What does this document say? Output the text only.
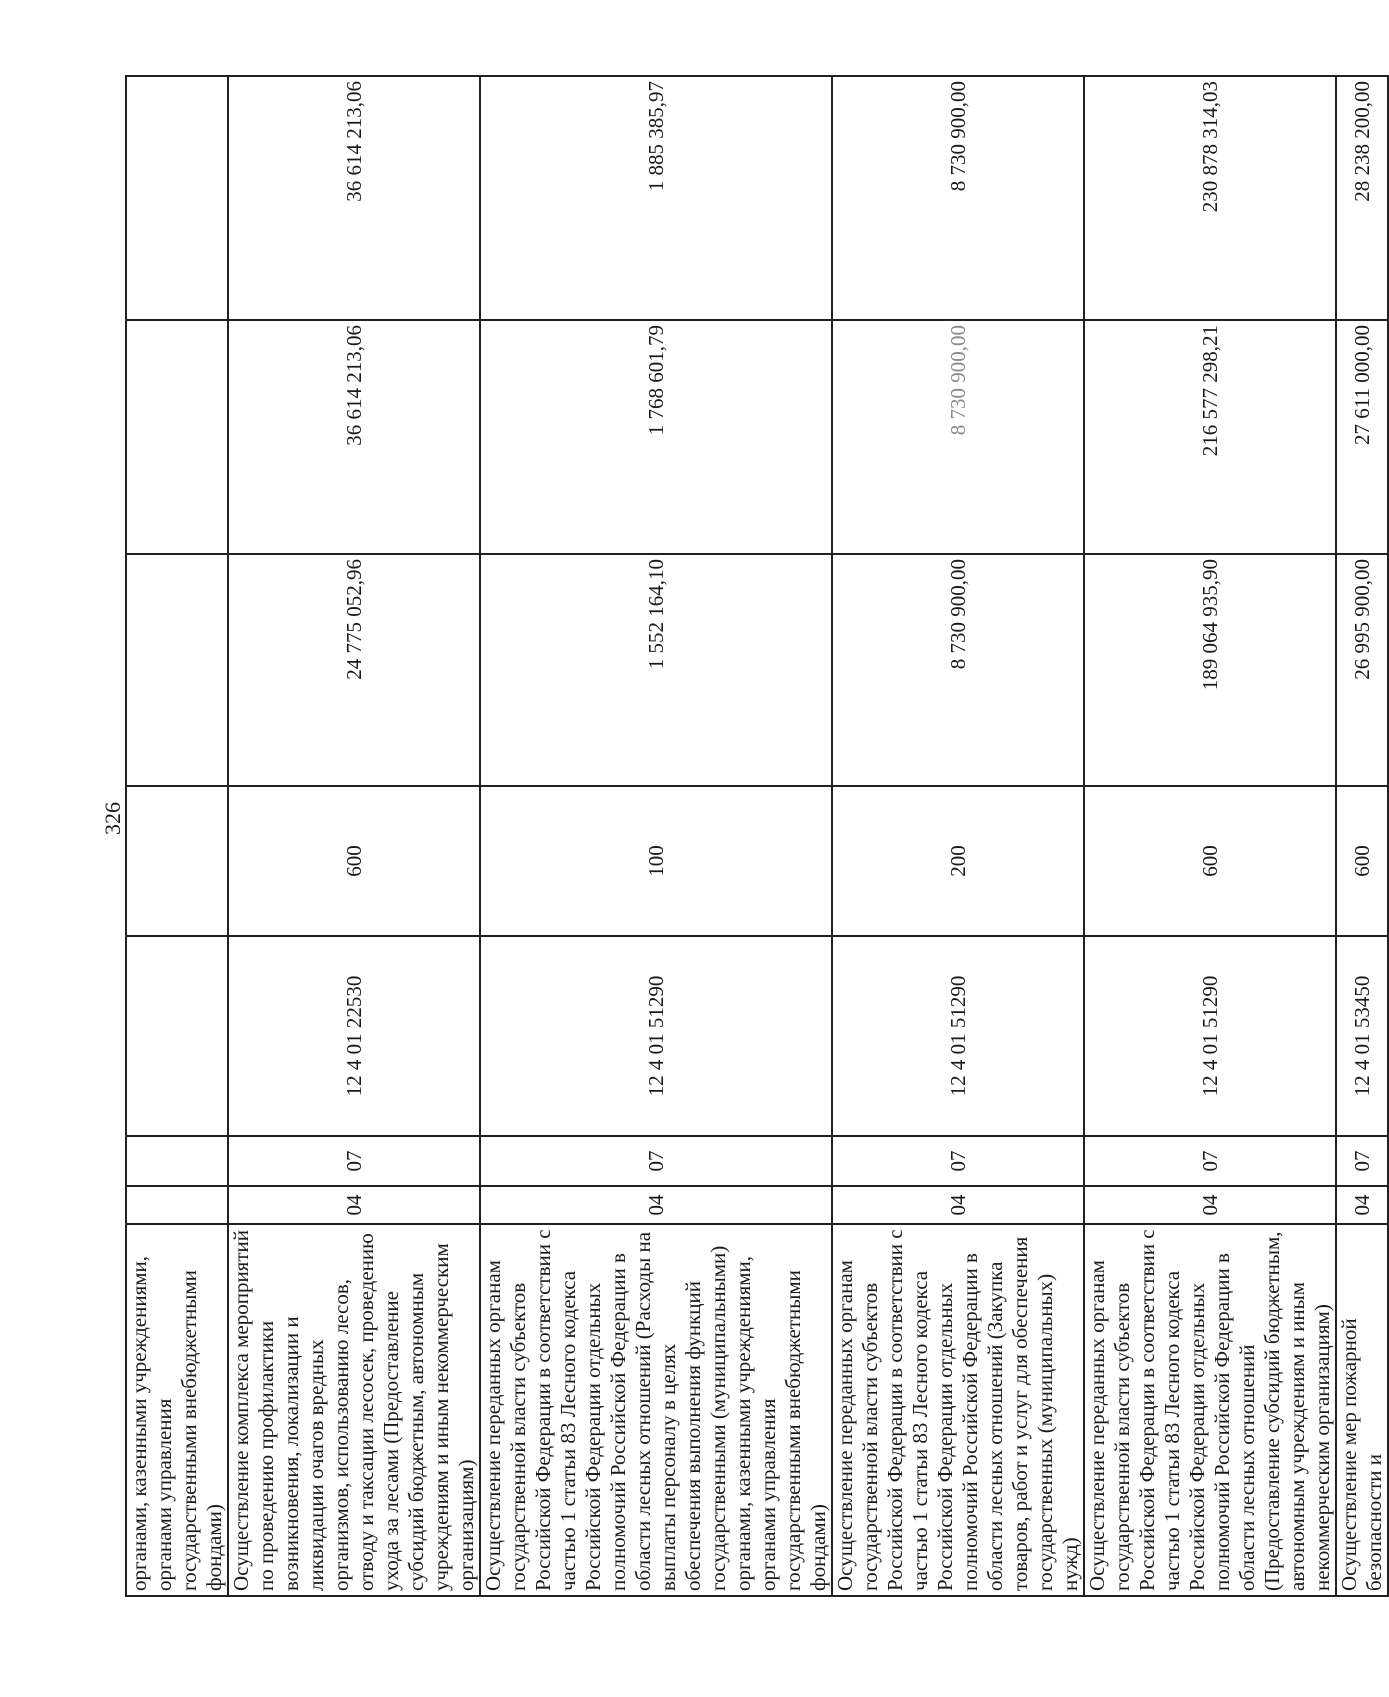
326
органами, казенными учреждениями, органами управления государственными внебюджетными фондами)							
Осуществление комплекса мероприятий по проведению профилактики возникновения, локализации и ликвидации очагов вредных организмов, использованию лесов, отводу и таксации лесосек, проведению ухода за лесами (Предоставление субсидий бюджетным, автономным учреждениям и иным некоммерческим организациям)	04	07	12 4 01 22530	600	24 775 052,96	36 614 213,06	36 614 213,06
Осуществление переданных органам государственной власти субъектов Российской Федерации в соответствии с частью 1 статьи 83 Лесного кодекса Российской Федерации отдельных полномочий Российской Федерации в области лесных отношений (Расходы на выплаты персоналу в целях обеспечения выполнения функций государственными (муниципальными) органами, казенными учреждениями, органами управления государственными внебюджетными фондами)	04	07	12 4 01 51290	100	1 552 164,10	1 768 601,79	1 885 385,97
Осуществление переданных органам государственной власти субъектов Российской Федерации в соответствии с частью 1 статьи 83 Лесного кодекса Российской Федерации отдельных полномочий Российской Федерации в области лесных отношений (Закупка товаров, работ и услуг для обеспечения государственных (муниципальных) нужд)	04	07	12 4 01 51290	200	8 730 900,00	8 730 900,00	8 730 900,00
Осуществление переданных органам государственной власти субъектов Российской Федерации в соответствии с частью 1 статьи 83 Лесного кодекса Российской Федерации отдельных полномочий Российской Федерации в области лесных отношений (Предоставление субсидий бюджетным, автономным учреждениям и иным некоммерческим организациям)	04	07	12 4 01 51290	600	189 064 935,90	216 577 298,21	230 878 314,03
Осуществление мер пожарной безопасности и	04	07	12 4 01 53450	600	26 995 900,00	27 611 000,00	28 238 200,00
